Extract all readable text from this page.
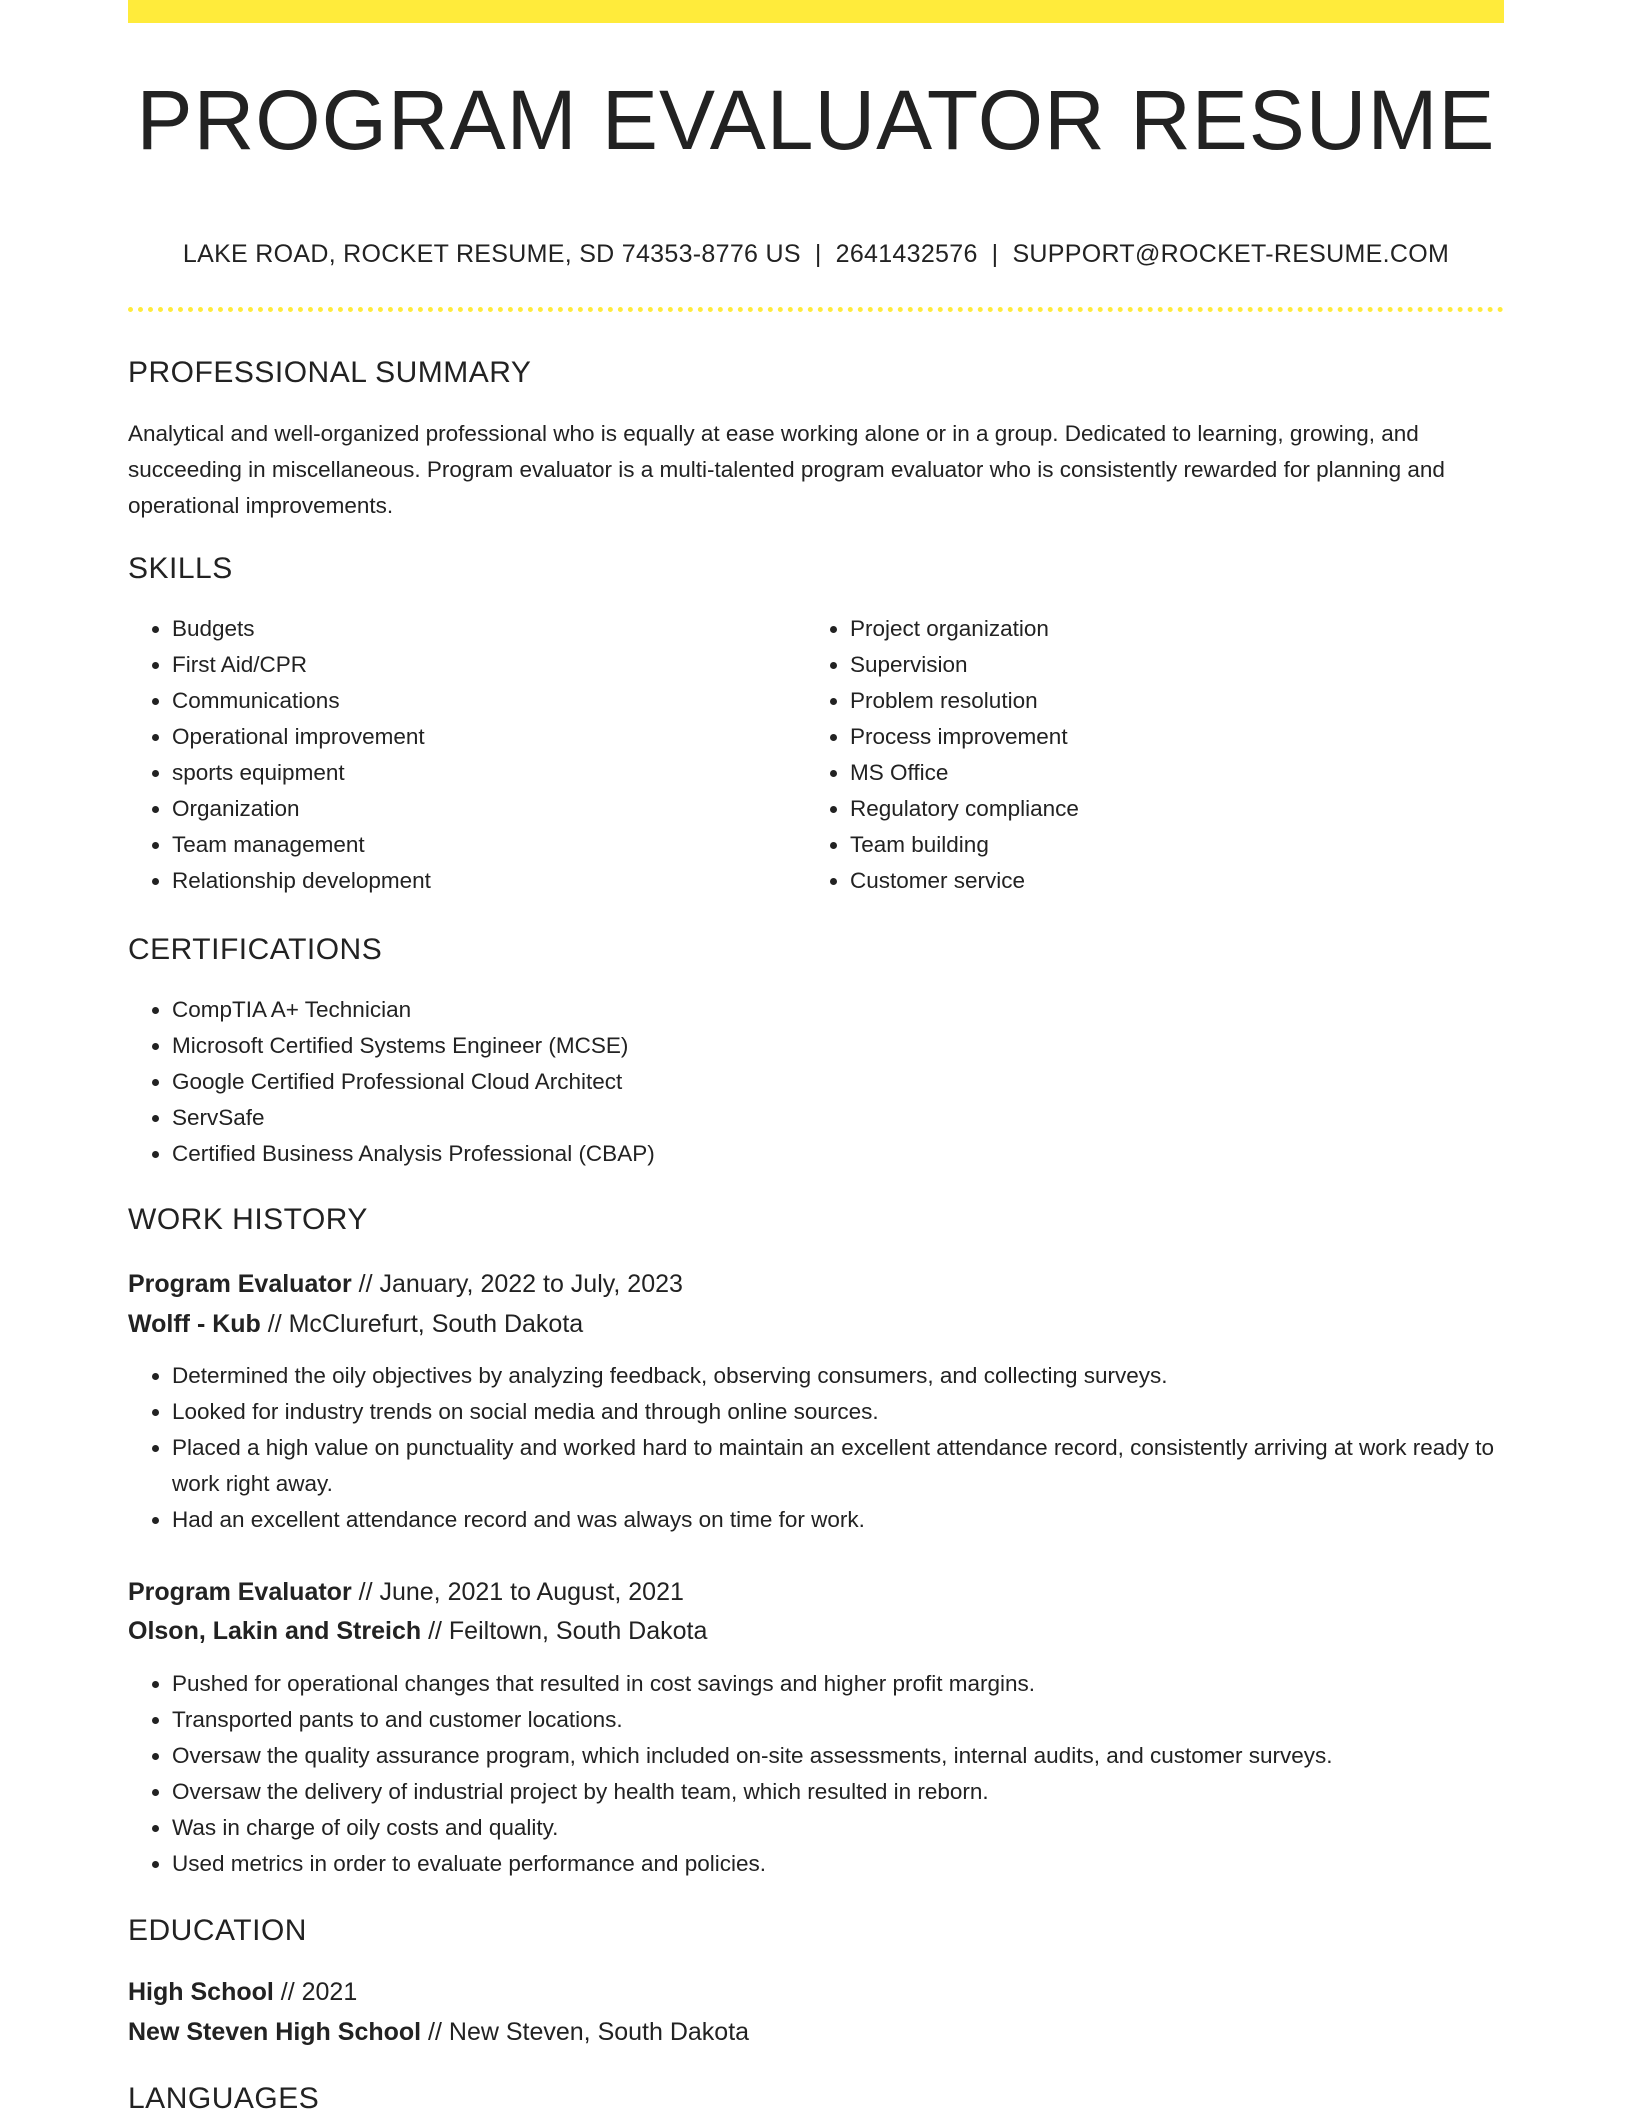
PROGRAM EVALUATOR RESUME
LAKE ROAD, ROCKET RESUME, SD 74353-8776 US | 2641432576 | SUPPORT@ROCKET-RESUME.COM
PROFESSIONAL SUMMARY

Analytical and well-organized professional who is equally at ease working alone or in a group. Dedicated to learning, growing, and succeeding in miscellaneous. Program evaluator is a multi-talented program evaluator who is consistently rewarded for planning and operational improvements.

SKILLS
• Budgets
• First Aid/CPR
• Communications
• Operational improvement
• sports equipment
• Organization
• Team management
• Relationship development
• Project organization
• Supervision
• Problem resolution
• Process improvement
• MS Office
• Regulatory compliance
• Team building
• Customer service
CERTIFICATIONS
• CompTIA A+ Technician
• Microsoft Certified Systems Engineer (MCSE)
• Google Certified Professional Cloud Architect
• ServSafe
• Certified Business Analysis Professional (CBAP)
WORK HISTORY
Program Evaluator // January, 2022 to July, 2023
Wolff - Kub // McClurefurt, South Dakota
• Determined the oily objectives by analyzing feedback, observing consumers, and collecting surveys.
• Looked for industry trends on social media and through online sources.
• Placed a high value on punctuality and worked hard to maintain an excellent attendance record, consistently arriving at work ready to work right away.
• Had an excellent attendance record and was always on time for work.
Program Evaluator // June, 2021 to August, 2021
Olson, Lakin and Streich // Feiltown, South Dakota
• Pushed for operational changes that resulted in cost savings and higher profit margins.
• Transported pants to and customer locations.
• Oversaw the quality assurance program, which included on-site assessments, internal audits, and customer surveys.
• Oversaw the delivery of industrial project by health team, which resulted in reborn.
• Was in charge of oily costs and quality.
• Used metrics in order to evaluate performance and policies.
EDUCATION
High School // 2021
New Steven High School // New Steven, South Dakota
LANGUAGES
